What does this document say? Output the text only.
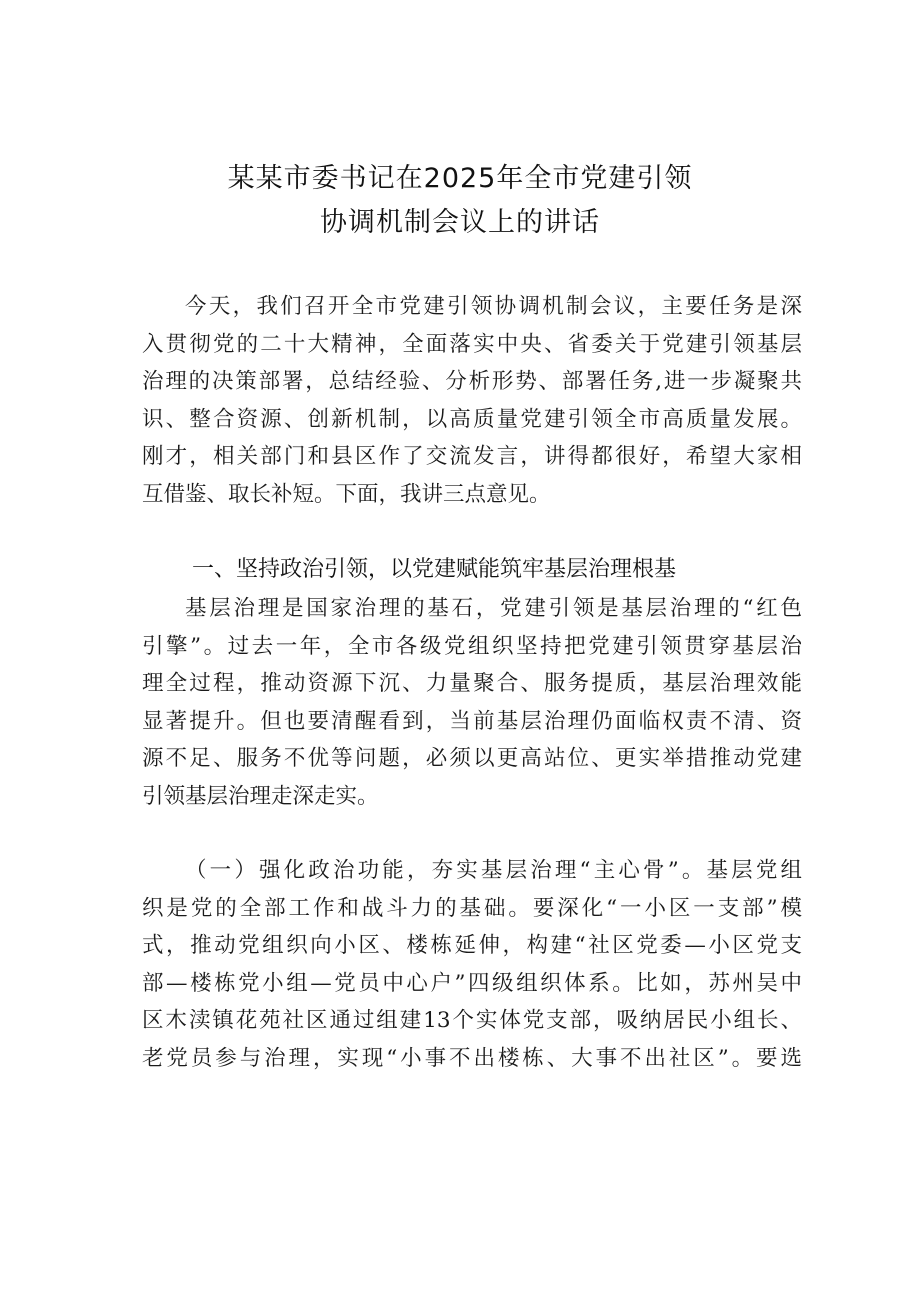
某某市委书记在2025年全市党建引领
协调机制会议上的讲话
今天，我们召开全市党建引领协调机制会议，主要任务是深
入贯彻党的二十大精神，全面落实中央、省委关于党建引领基层
治理的决策部署，总结经验、分析形势、部署任务,进一步凝聚共
识、整合资源、创新机制，以高质量党建引领全市高质量发展。
刚才，相关部门和县区作了交流发言，讲得都很好，希望大家相
互借鉴、取长补短。下面，我讲三点意见。
一、坚持政治引领，以党建赋能筑牢基层治理根基
基层治理是国家治理的基石，党建引领是基层治理的“红色
引擎”。过去一年，全市各级党组织坚持把党建引领贯穿基层治
理全过程，推动资源下沉、力量聚合、服务提质，基层治理效能
显著提升。但也要清醒看到，当前基层治理仍面临权责不清、资
源不足、服务不优等问题，必须以更高站位、更实举措推动党建
引领基层治理走深走实。
（一）强化政治功能，夯实基层治理“主心骨”。基层党组
织是党的全部工作和战斗力的基础。要深化“一小区一支部”模
式，推动党组织向小区、楼栋延伸，构建“社区党委—小区党支
部—楼栋党小组—党员中心户”四级组织体系。比如，苏州吴中
区木渎镇花苑社区通过组建13个实体党支部，吸纳居民小组长、
老党员参与治理，实现“小事不出楼栋、大事不出社区”。要选
